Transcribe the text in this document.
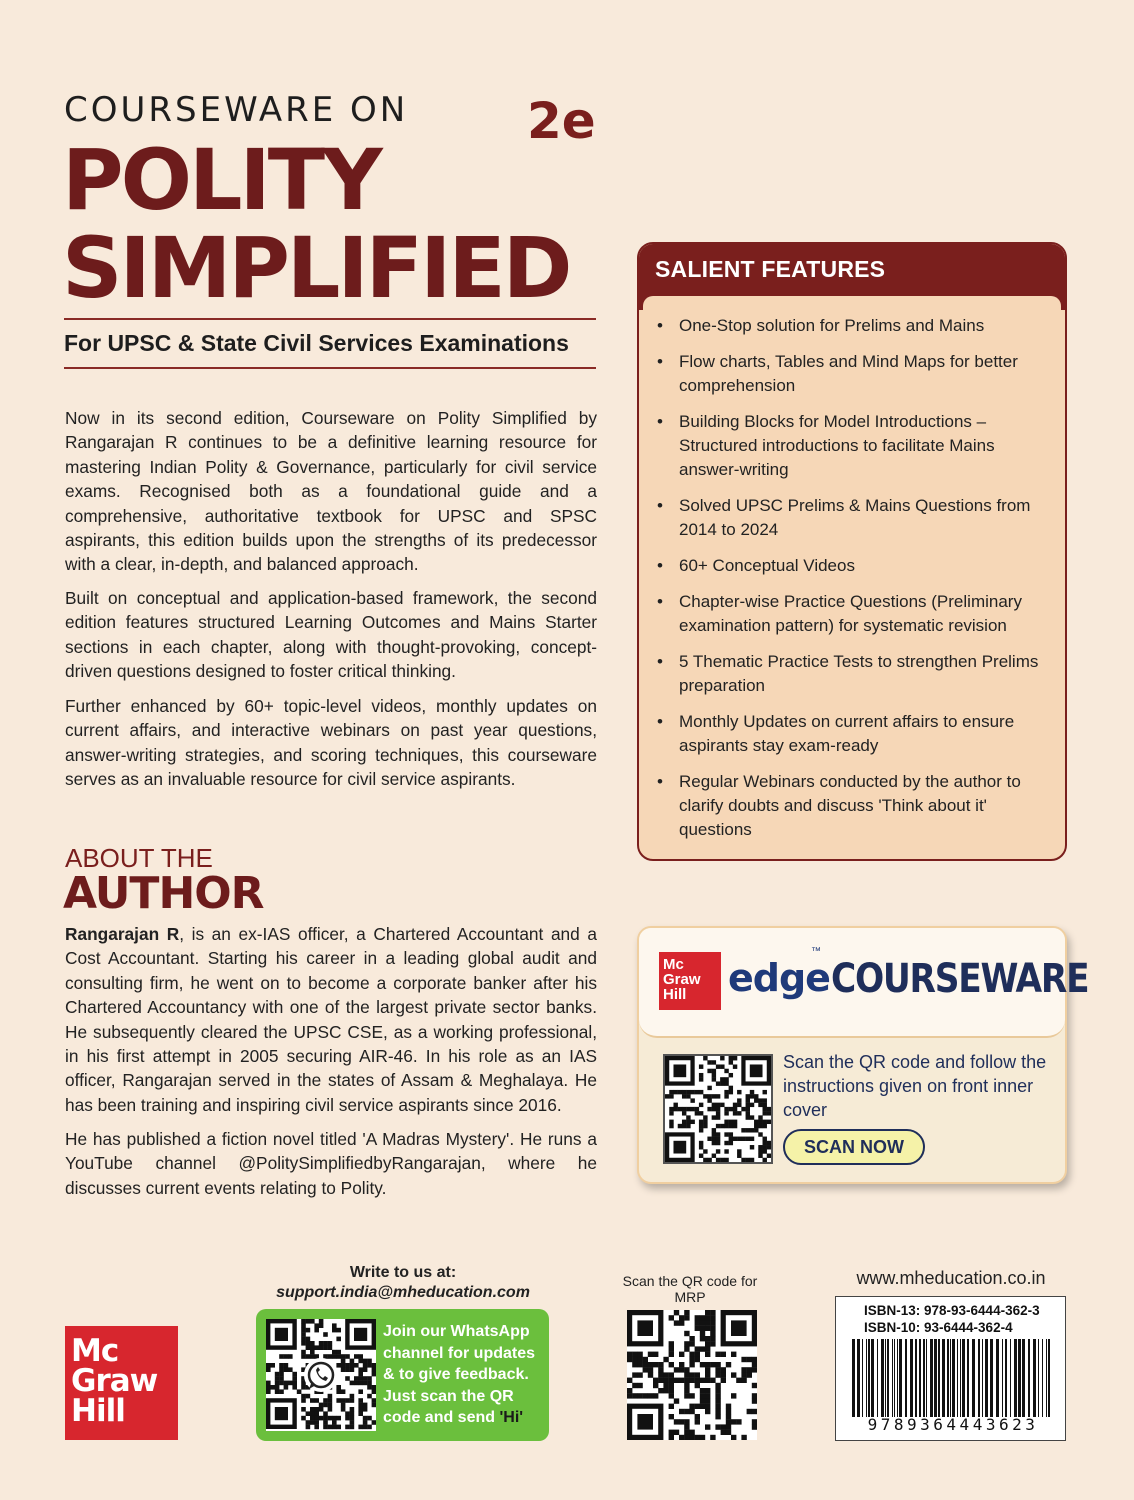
COURSEWARE ON 2e
POLITY
SIMPLIFIED
For UPSC & State Civil Services Examinations

Now in its second edition, Courseware on Polity Simplified by Rangarajan R continues to be a definitive learning resource for mastering Indian Polity & Governance, particularly for civil service exams. Recognised both as a foundational guide and a comprehensive, authoritative textbook for UPSC and SPSC aspirants, this edition builds upon the strengths of its predecessor with a clear, in-depth, and balanced approach.

Built on conceptual and application-based framework, the second edition features structured Learning Outcomes and Mains Starter sections in each chapter, along with thought-provoking, concept-driven questions designed to foster critical thinking.

Further enhanced by 60+ topic-level videos, monthly updates on current affairs, and interactive webinars on past year questions, answer-writing strategies, and scoring techniques, this courseware serves as an invaluable resource for civil service aspirants.

ABOUT THE
AUTHOR

Rangarajan R, is an ex-IAS officer, a Chartered Accountant and a Cost Accountant. Starting his career in a leading global audit and consulting firm, he went on to become a corporate banker after his Chartered Accountancy with one of the largest private sector banks. He subsequently cleared the UPSC CSE, as a working professional, in his first attempt in 2005 securing AIR-46. In his role as an IAS officer, Rangarajan served in the states of Assam & Meghalaya. He has been training and inspiring civil service aspirants since 2016.

He has published a fiction novel titled 'A Madras Mystery'. He runs a YouTube channel @PolitySimplifiedbyRangarajan, where he discusses current events relating to Polity.

SALIENT FEATURES
• One-Stop solution for Prelims and Mains
• Flow charts, Tables and Mind Maps for better comprehension
• Building Blocks for Model Introductions – Structured introductions to facilitate Mains answer-writing
• Solved UPSC Prelims & Mains Questions from 2014 to 2024
• 60+ Conceptual Videos
• Chapter-wise Practice Questions (Preliminary examination pattern) for systematic revision
• 5 Thematic Practice Tests to strengthen Prelims preparation
• Monthly Updates on current affairs to ensure aspirants stay exam-ready
• Regular Webinars conducted by the author to clarify doubts and discuss 'Think about it' questions
Mc
Graw
Hill	edge
™
COURSEWARE
Scan the QR code and follow the instructions given on front inner cover
SCAN NOW
Mc
Graw
Hill
Write to us at:
support.india@mheducation.com
Join our WhatsApp channel for updates & to give feedback. Just scan the QR code and send 'Hi'
Scan the QR code for MRP
www.mheducation.co.in
ISBN-13: 978-93-6444-362-3
ISBN-10: 93-6444-362-4
9789364443623
